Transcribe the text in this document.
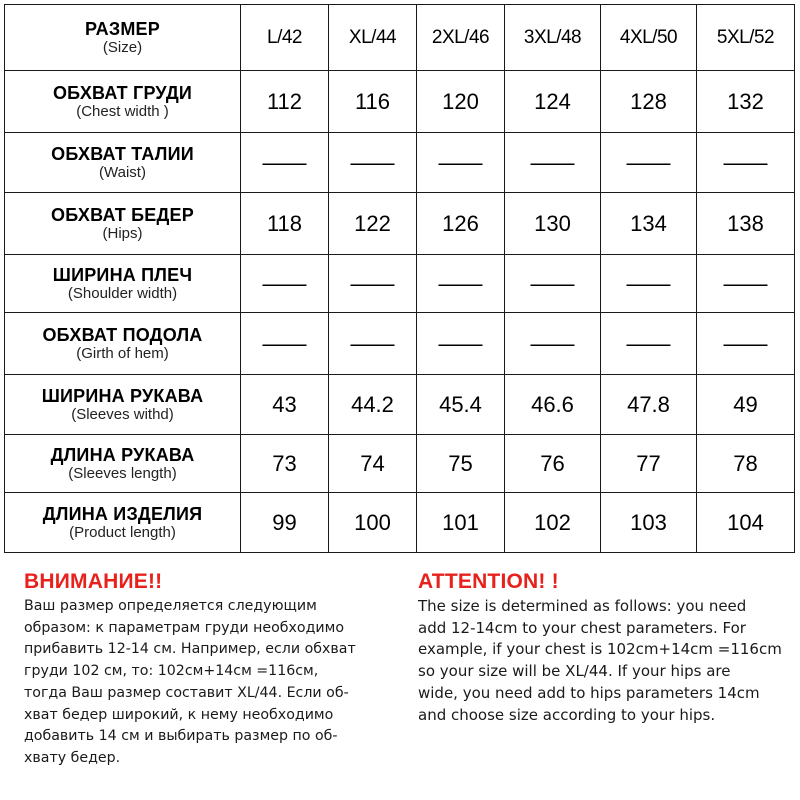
РАЗМЕР
(Size)	L/42	XL/44	2XL/46	3XL/48	4XL/50	5XL/52

ОБХВАТ ГРУДИ
(Chest width )	112	116	120	124	128	132

ОБХВАТ ТАЛИИ
(Waist)	——	——	——	——	——	——

ОБХВАТ БЕДЕР
(Hips)	118	122	126	130	134	138

ШИРИНА ПЛЕЧ
(Shoulder width)	——	——	——	——	——	——

ОБХВАТ ПОДОЛА
(Girth of hem)	——	——	——	——	——	——

ШИРИНА РУКАВА
(Sleeves withd)	43	44.2	45.4	46.6	47.8	49

ДЛИНА РУКАВА
(Sleeves length)	73	74	75	76	77	78

ДЛИНА ИЗДЕЛИЯ
(Product length)	99	100	101	102	103	104
ВНИМАНИЕ!!
Ваш размер определяется следующим
образом: к параметрам груди необходимо
прибавить 12-14 см. Например, если обхват
груди 102 см, то: 102см+14см =116см,
тогда Ваш размер составит XL/44. Если об-
хват бедер широкий, к нему необходимо
добавить 14 см и выбирать размер по об-
хвату бедер.
ATTENTION! !
The size is determined as follows: you need
add 12-14cm to your chest parameters. For
example, if your chest is 102cm+14cm =116cm
so your size will be XL/44. If your hips are
wide, you need add to hips parameters 14cm
and choose size according to your hips.
